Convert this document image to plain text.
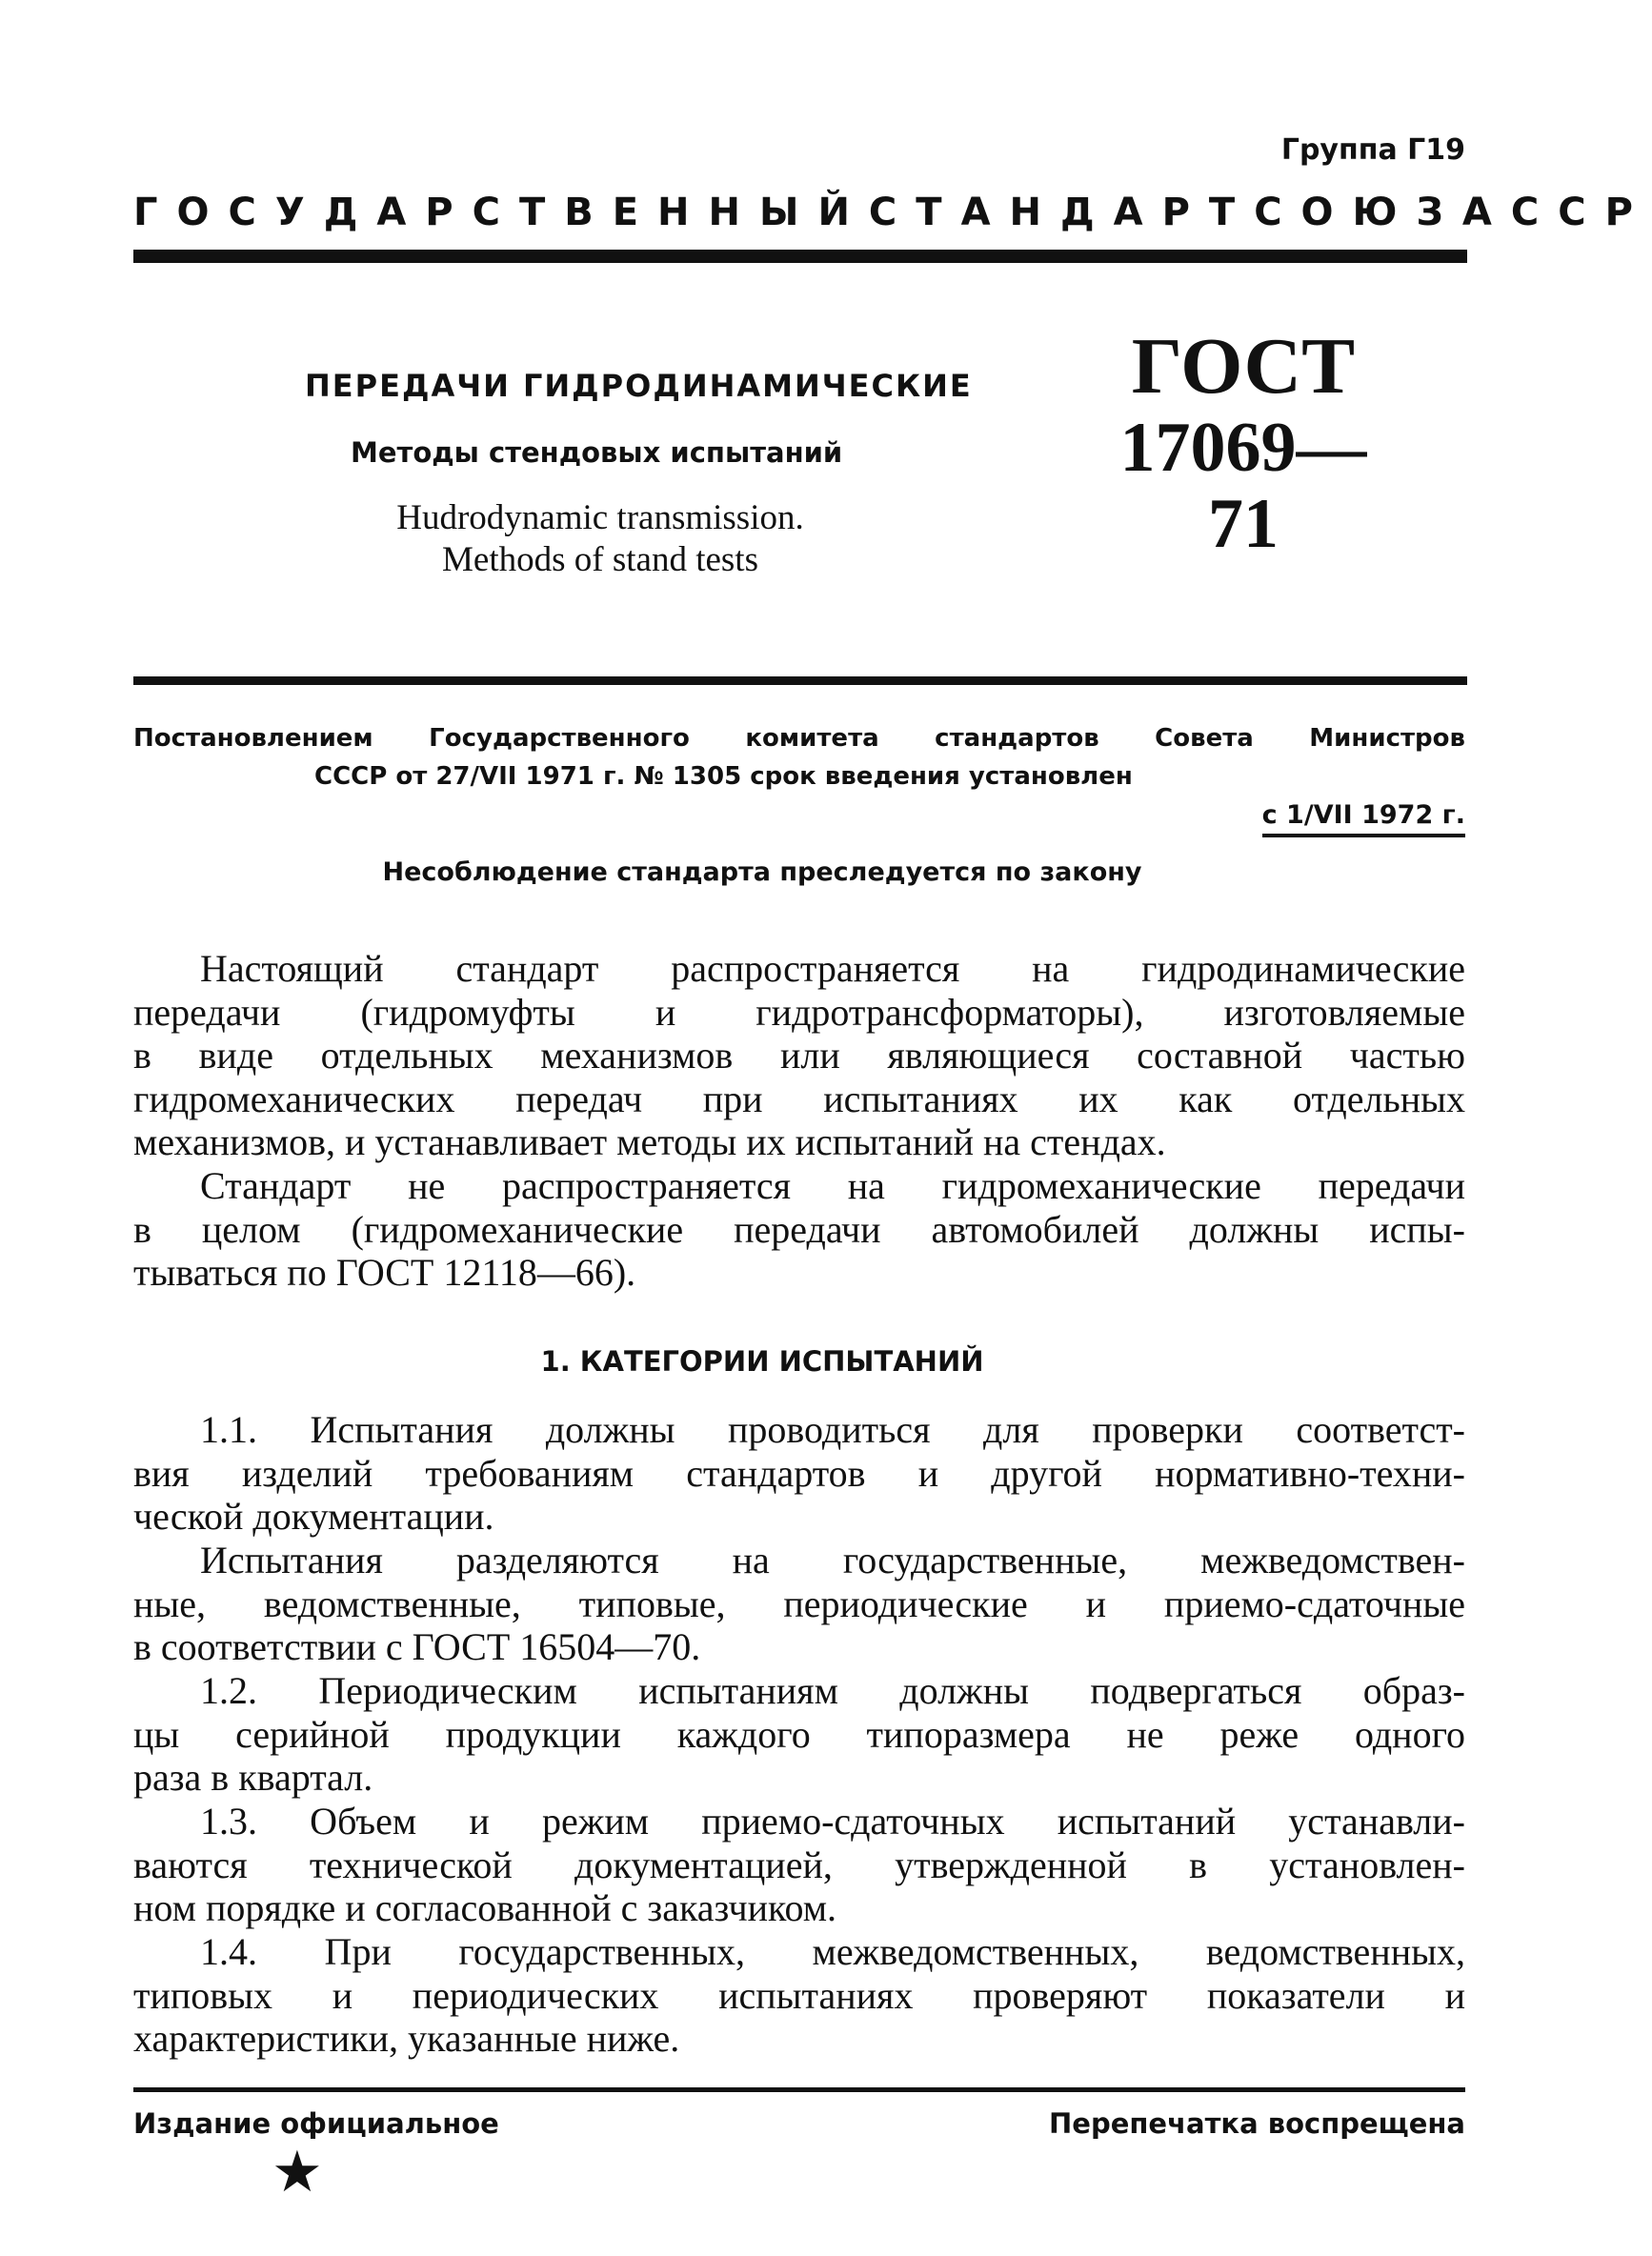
Группа Г19
ГОСУДАРСТВЕННЫЙ СТАНДАРТ СОЮЗА ССР
ПЕРЕДАЧИ ГИДРОДИНАМИЧЕСКИЕ
Методы стендовых испытаний
Hudrodynamic transmission.
Methods of stand tests
ГОСТ
17069—71
Постановлением Государственного комитета стандартов Совета Министров
СССР от 27/VII 1971 г. № 1305 срок введения установлен
с 1/VII 1972 г.
Несоблюдение стандарта преследуется по закону
Настоящий стандарт распространяется на гидродинамические
передачи (гидромуфты и гидротрансформаторы), изготовляемые
в виде отдельных механизмов или являющиеся составной частью
гидромеханических передач при испытаниях их как отдельных
механизмов, и устанавливает методы их испытаний на стендах.
Стандарт не распространяется на гидромеханические передачи
в целом (гидромеханические передачи автомобилей должны испы-
тываться по ГОСТ 12118—66).
1. КАТЕГОРИИ ИСПЫТАНИЙ
1.1. Испытания должны проводиться для проверки соответст-
вия изделий требованиям стандартов и другой нормативно-техни-
ческой документации.
Испытания разделяются на государственные, межведомствен-
ные, ведомственные, типовые, периодические и приемо-сдаточные
в соответствии с ГОСТ 16504—70.
1.2. Периодическим испытаниям должны подвергаться образ-
цы серийной продукции каждого типоразмера не реже одного
раза в квартал.
1.3. Объем и режим приемо-сдаточных испытаний устанавли-
ваются технической документацией, утвержденной в установлен-
ном порядке и согласованной с заказчиком.
1.4. При государственных, межведомственных, ведомственных,
типовых и периодических испытаниях проверяют показатели и
характеристики, указанные ниже.
Издание официальное	Перепечатка воспрещена
★
